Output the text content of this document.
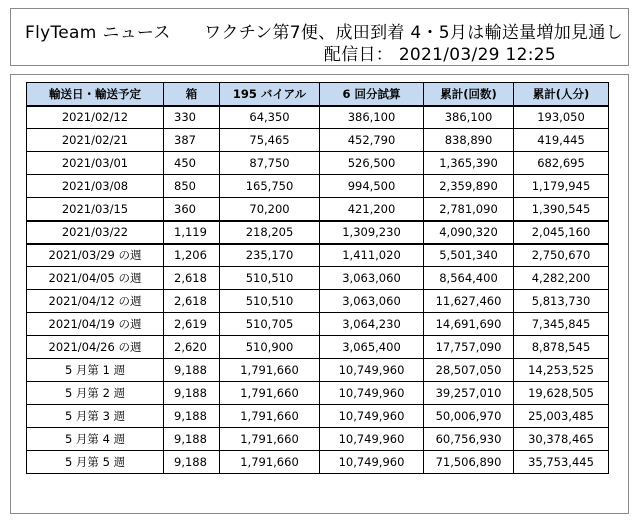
FlyTeam ニュース ワクチン第7便、成田到着 4・5月は輸送量増加見通し
配信日： 2021/03/29 12:25
輸送日・輸送予定	箱	195 バイアル	6 回分試算	累計(回数)	累計(人分)
2021/02/12	330	64,350	386,100	386,100	193,050
2021/02/21	387	75,465	452,790	838,890	419,445
2021/03/01	450	87,750	526,500	1,365,390	682,695
2021/03/08	850	165,750	994,500	2,359,890	1,179,945
2021/03/15	360	70,200	421,200	2,781,090	1,390,545
2021/03/22	1,119	218,205	1,309,230	4,090,320	2,045,160
2021/03/29 の週	1,206	235,170	1,411,020	5,501,340	2,750,670
2021/04/05 の週	2,618	510,510	3,063,060	8,564,400	4,282,200
2021/04/12 の週	2,618	510,510	3,063,060	11,627,460	5,813,730
2021/04/19 の週	2,619	510,705	3,064,230	14,691,690	7,345,845
2021/04/26 の週	2,620	510,900	3,065,400	17,757,090	8,878,545
5 月第 1 週	9,188	1,791,660	10,749,960	28,507,050	14,253,525
5 月第 2 週	9,188	1,791,660	10,749,960	39,257,010	19,628,505
5 月第 3 週	9,188	1,791,660	10,749,960	50,006,970	25,003,485
5 月第 4 週	9,188	1,791,660	10,749,960	60,756,930	30,378,465
5 月第 5 週	9,188	1,791,660	10,749,960	71,506,890	35,753,445
